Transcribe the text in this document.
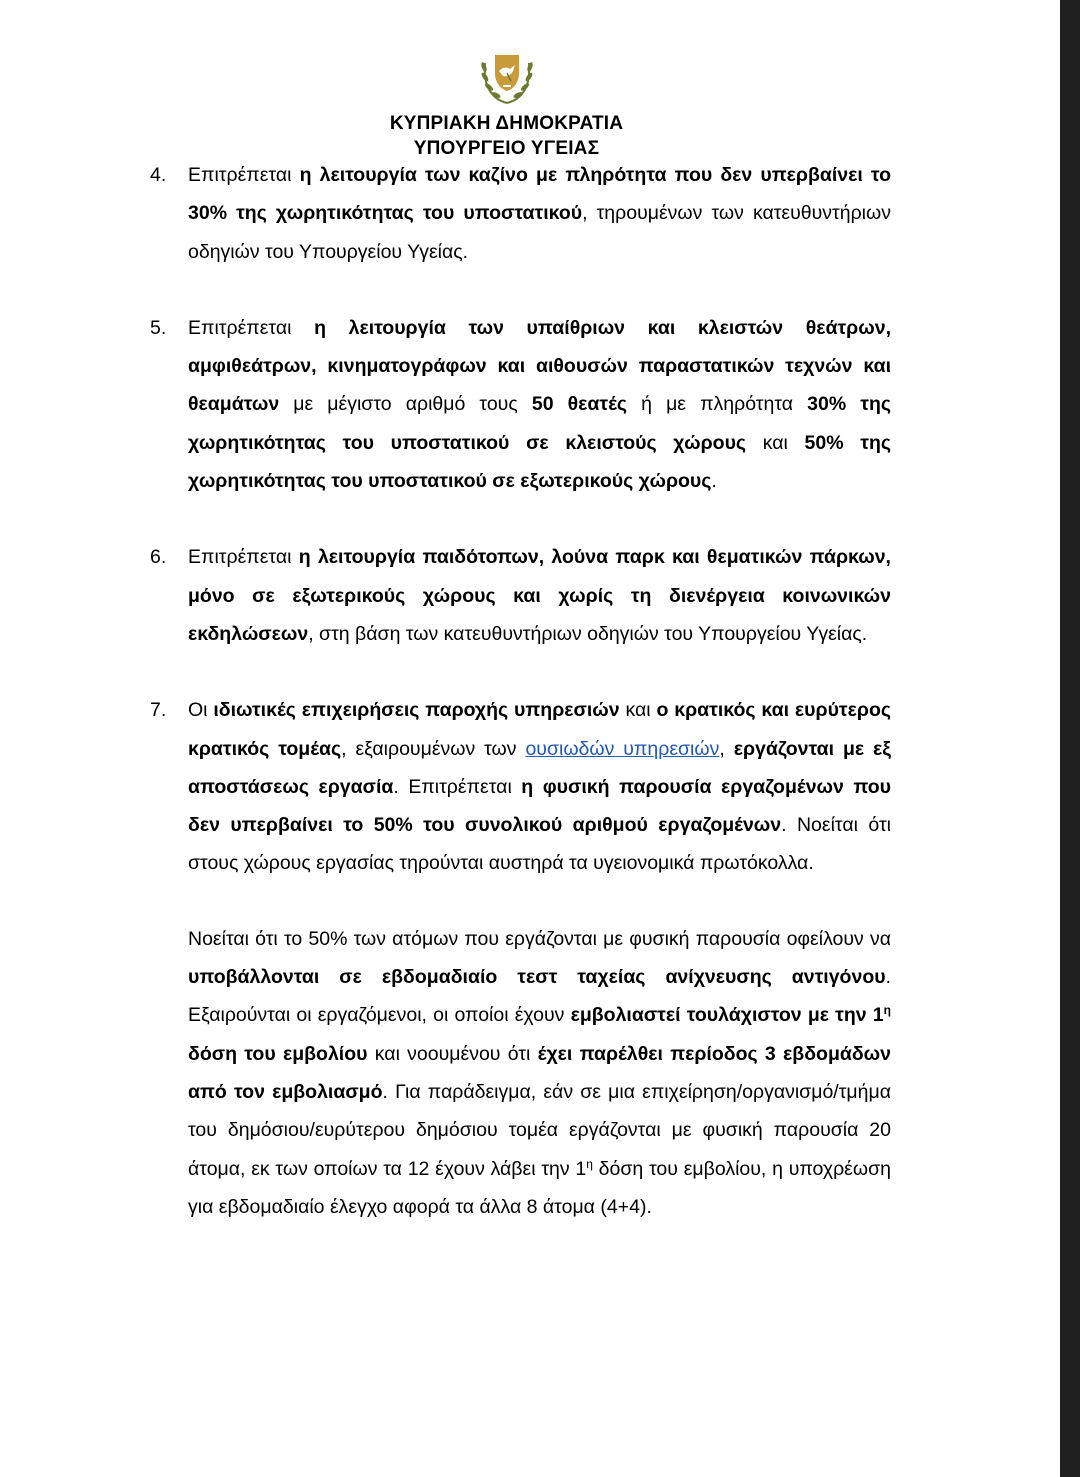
ΚΥΠΡΙΑΚΗ ΔΗΜΟΚΡΑΤΙΑ
ΥΠΟΥΡΓΕΙΟ ΥΓΕΙΑΣ
4. Επιτρέπεται η λειτουργία των καζίνο με πληρότητα που δεν υπερβαίνει το 30% της χωρητικότητας του υποστατικού, τηρουμένων των κατευθυντήριων οδηγιών του Υπουργείου Υγείας.
5. Επιτρέπεται η λειτουργία των υπαίθριων και κλειστών θεάτρων, αμφιθεάτρων, κινηματογράφων και αιθουσών παραστατικών τεχνών και θεαμάτων με μέγιστο αριθμό τους 50 θεατές ή με πληρότητα 30% της χωρητικότητας του υποστατικού σε κλειστούς χώρους και 50% της χωρητικότητας του υποστατικού σε εξωτερικούς χώρους.
6. Επιτρέπεται η λειτουργία παιδότοπων, λούνα παρκ και θεματικών πάρκων, μόνο σε εξωτερικούς χώρους και χωρίς τη διενέργεια κοινωνικών εκδηλώσεων, στη βάση των κατευθυντήριων οδηγιών του Υπουργείου Υγείας.
7. Οι ιδιωτικές επιχειρήσεις παροχής υπηρεσιών και ο κρατικός και ευρύτερος κρατικός τομέας, εξαιρουμένων των ουσιωδών υπηρεσιών, εργάζονται με εξ αποστάσεως εργασία. Επιτρέπεται η φυσική παρουσία εργαζομένων που δεν υπερβαίνει το 50% του συνολικού αριθμού εργαζομένων. Νοείται ότι στους χώρους εργασίας τηρούνται αυστηρά τα υγειονομικά πρωτόκολλα.
Νοείται ότι το 50% των ατόμων που εργάζονται με φυσική παρουσία οφείλουν να υποβάλλονται σε εβδομαδιαίο τεστ ταχείας ανίχνευσης αντιγόνου. Εξαιρούνται οι εργαζόμενοι, οι οποίοι έχουν εμβολιαστεί τουλάχιστον με την $1^\eta$ δόση του εμβολίου και νοουμένου ότι έχει παρέλθει περίοδος 3 εβδομάδων από τον εμβολιασμό. Για παράδειγμα, εάν σε μια επιχείρηση/οργανισμό/τμήμα του δημόσιου/ευρύτερου δημόσιου τομέα εργάζονται με φυσική παρουσία 20 άτομα, εκ των οποίων τα 12 έχουν λάβει την $1^\eta$ δόση του εμβολίου, η υποχρέωση για εβδομαδιαίο έλεγχο αφορά τα άλλα 8 άτομα (4+4).
